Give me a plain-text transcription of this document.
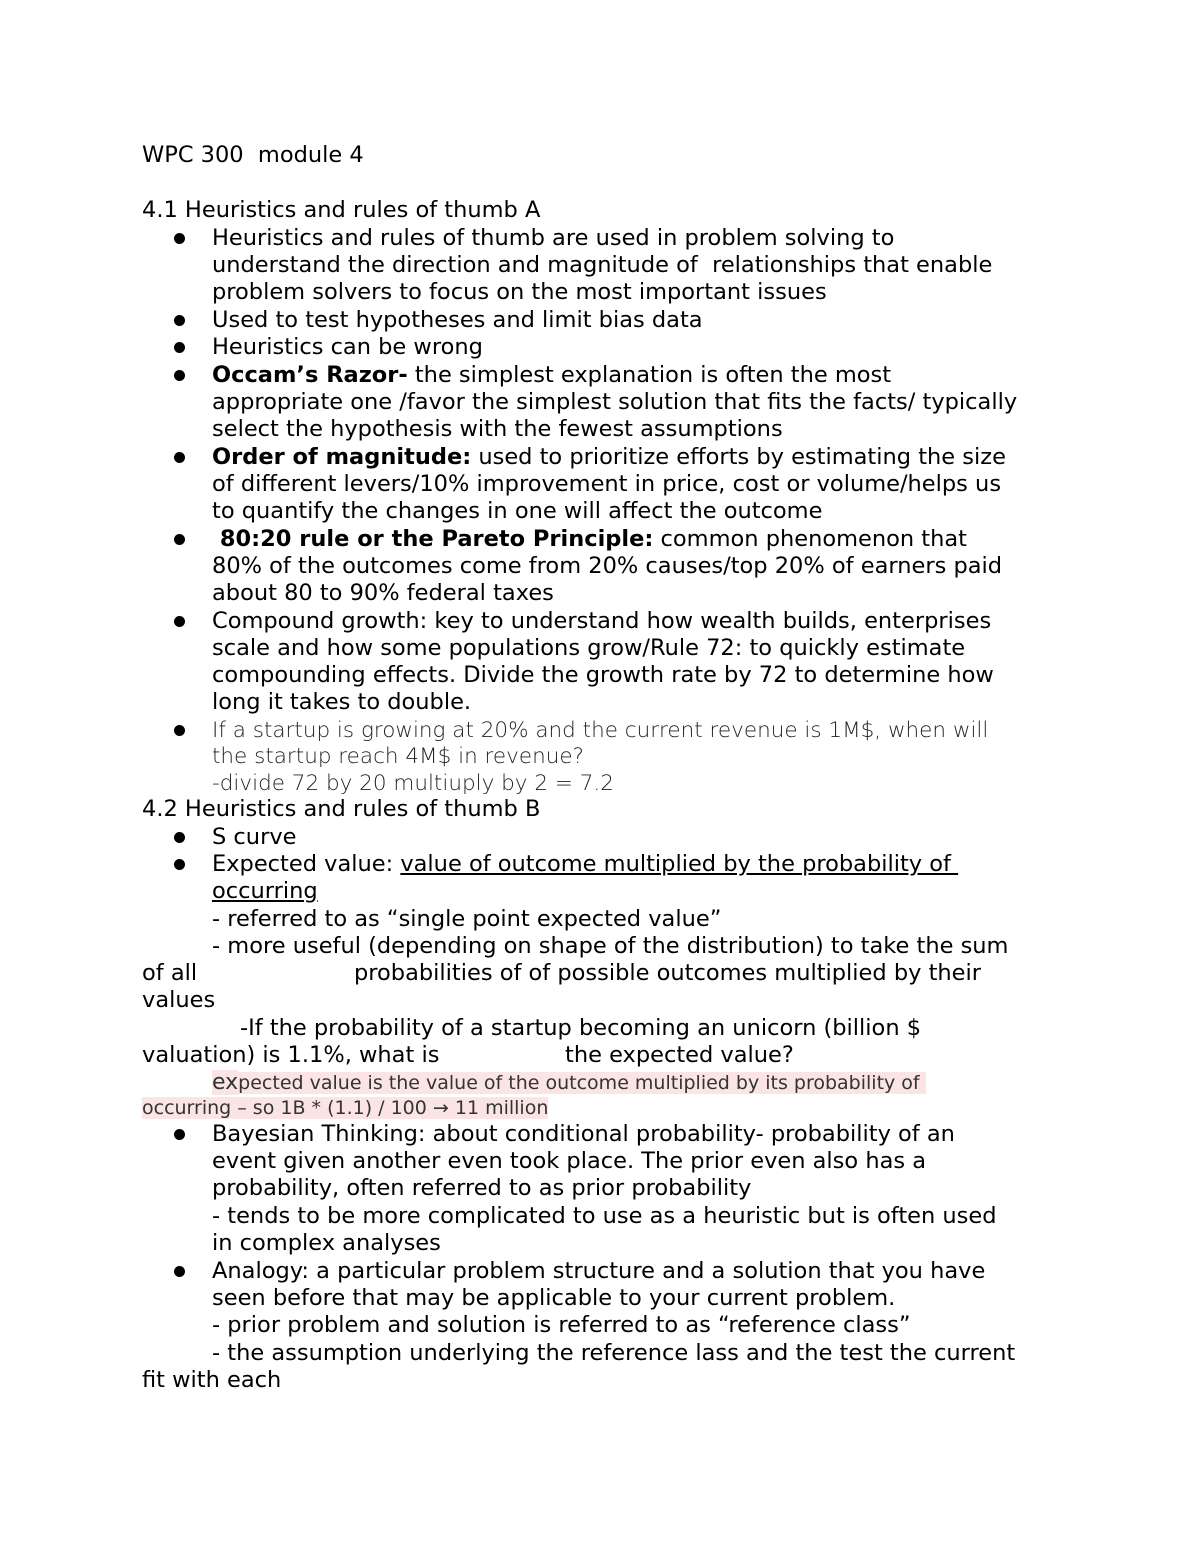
WPC 300  module 4
4.1 Heuristics and rules of thumb A
Heuristics and rules of thumb are used in problem solving to
understand the direction and magnitude of  relationships that enable
problem solvers to focus on the most important issues
Used to test hypotheses and limit bias data
Heuristics can be wrong
Occam’s Razor- the simplest explanation is often the most
appropriate one /favor the simplest solution that fits the facts/ typically
select the hypothesis with the fewest assumptions
Order of magnitude: used to prioritize efforts by estimating the size
of different levers/10% improvement in price, cost or volume/helps us
to quantify the changes in one will affect the outcome
80:20 rule or the Pareto Principle: common phenomenon that
80% of the outcomes come from 20% causes/top 20% of earners paid
about 80 to 90% federal taxes
Compound growth: key to understand how wealth builds, enterprises
scale and how some populations grow/Rule 72: to quickly estimate
compounding effects. Divide the growth rate by 72 to determine how
long it takes to double.
If a startup is growing at 20% and the current revenue is 1M$, when will
the startup reach 4M$ in revenue?
-divide 72 by 20 multiuply by 2 = 7.2
4.2 Heuristics and rules of thumb B
S curve
Expected value: value of outcome multiplied by the probability of
occurring
- referred to as “single point expected value”
- more useful (depending on shape of the distribution) to take the sum
of all	probabilities of of possible outcomes multiplied by their
values
-If the probability of a startup becoming an unicorn (billion $
valuation) is 1.1%, what is	the expected value?
expected value is the value of the outcome multiplied by its probability of
occurring – so 1B * (1.1) / 100 → 11 million
Bayesian Thinking: about conditional probability- probability of an
event given another even took place. The prior even also has a
probability, often referred to as prior probability
- tends to be more complicated to use as a heuristic but is often used
in complex analyses
Analogy: a particular problem structure and a solution that you have
seen before that may be applicable to your current problem.
- prior problem and solution is referred to as “reference class”
- the assumption underlying the reference lass and the test the current
fit with each
